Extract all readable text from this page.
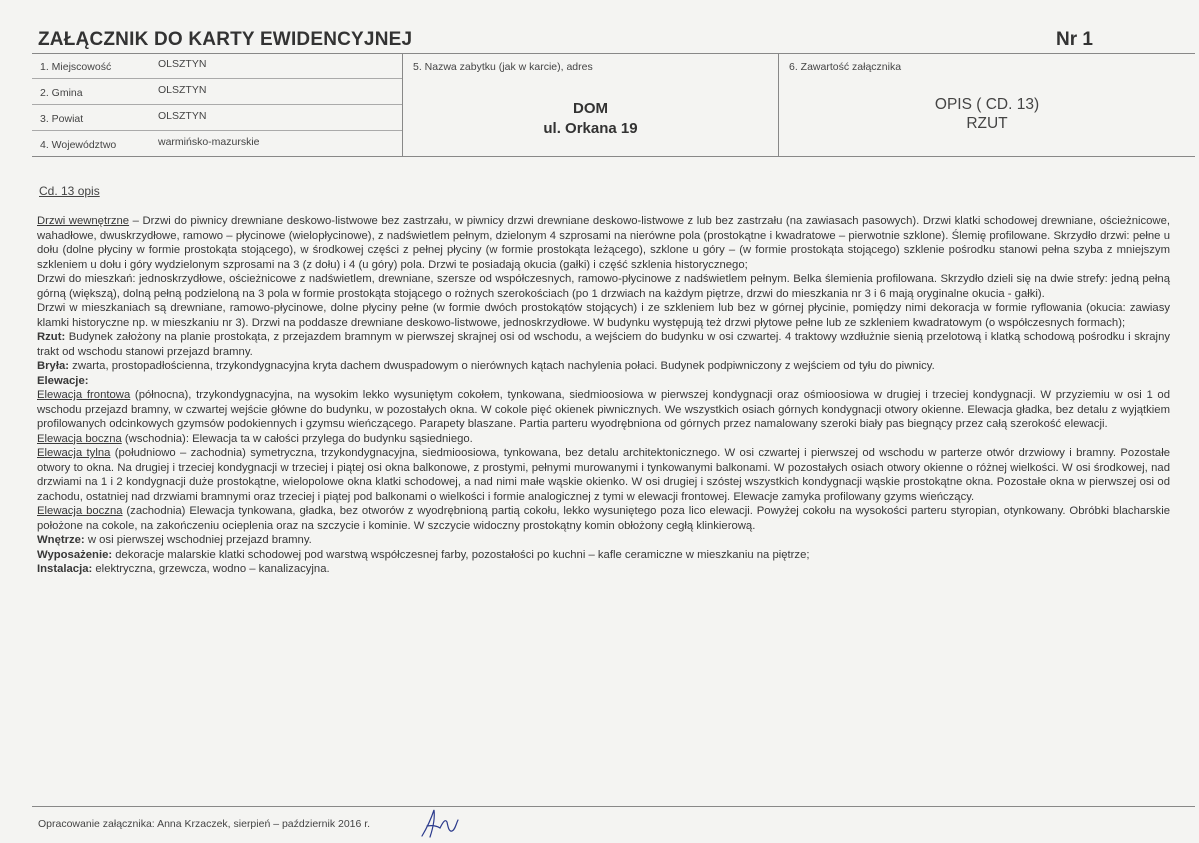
ZAŁĄCZNIK DO KARTY EWIDENCYJNEJ	Nr 1
1. Miejscowość	OLSZTYN
2. Gmina	OLSZTYN
3. Powiat	OLSZTYN
4. Województwo	warmińsko-mazurskie
5. Nazwa zabytku (jak w karcie), adres
DOM
ul. Orkana 19
6. Zawartość załącznika
OPIS ( CD. 13)
RZUT
Cd. 13 opis

Drzwi wewnętrzne – Drzwi do piwnicy drewniane deskowo-listwowe bez zastrzału, w piwnicy drzwi drewniane deskowo-listwowe z lub bez zastrzału (na zawiasach pasowych). Drzwi klatki schodowej drewniane, ościeżnicowe, wahadłowe, dwuskrzydłowe, ramowo – płycinowe (wielopłycinowe), z nadświetlem pełnym, dzielonym 4 szprosami na nierówne pola (prostokątne i kwadratowe – pierwotnie szklone). Ślemię profilowane. Skrzydło drzwi: pełne u dołu (dolne płyciny w formie prostokąta stojącego), w środkowej części z pełnej płyciny (w formie prostokąta leżącego), szklone u góry – (w formie prostokąta stojącego) szklenie pośrodku stanowi pełna szyba z mniejszym szkleniem u dołu i góry wydzielonym szprosami na 3 (z dołu) i 4 (u góry) pola. Drzwi te posiadają okucia (gałki) i część szklenia historycznego;

Drzwi do mieszkań: jednoskrzydłowe, ościeżnicowe z nadświetlem, drewniane, szersze od współczesnych, ramowo-płycinowe z nadświetlem pełnym. Belka ślemienia profilowana. Skrzydło dzieli się na dwie strefy: jedną pełną górną (większą), dolną pełną podzieloną na 3 pola w formie prostokąta stojącego o rożnych szerokościach (po 1 drzwiach na każdym piętrze, drzwi do mieszkania nr 3 i 6 mają oryginalne okucia - gałki).

Drzwi w mieszkaniach są drewniane, ramowo-płycinowe, dolne płyciny pełne (w formie dwóch prostokątów stojących) i ze szkleniem lub bez w górnej płycinie, pomiędzy nimi dekoracja w formie ryflowania (okucia: zawiasy klamki historyczne np. w mieszkaniu nr 3). Drzwi na poddasze drewniane deskowo-listwowe, jednoskrzydłowe. W budynku występują też drzwi płytowe pełne lub ze szkleniem kwadratowym (o współczesnych formach);

Rzut: Budynek założony na planie prostokąta, z przejazdem bramnym w pierwszej skrajnej osi od wschodu, a wejściem do budynku w osi czwartej. 4 traktowy wzdłużnie sienią przelotową i klatką schodową pośrodku i skrajny trakt od wschodu stanowi przejazd bramny.

Bryła: zwarta, prostopadłościenna, trzykondygnacyjna kryta dachem dwuspadowym o nierównych kątach nachylenia połaci. Budynek podpiwniczony z wejściem od tyłu do piwnicy.

Elewacje:

Elewacja frontowa (północna), trzykondygnacyjna, na wysokim lekko wysuniętym cokołem, tynkowana, siedmioosiowa w pierwszej kondygnacji oraz ośmioosiowa w drugiej i trzeciej kondygnacji. W przyziemiu w osi 1 od wschodu przejazd bramny, w czwartej wejście główne do budynku, w pozostałych okna. W cokole pięć okienek piwnicznych. We wszystkich osiach górnych kondygnacji otwory okienne. Elewacja gładka, bez detalu z wyjątkiem profilowanych odcinkowych gzymsów podokiennych i gzymsu wieńczącego. Parapety blaszane. Partia parteru wyodrębniona od górnych przez namalowany szeroki biały pas biegnący przez całą szerokość elewacji.

Elewacja boczna (wschodnia): Elewacja ta w całości przylega do budynku sąsiedniego.

Elewacja tylna (południowo – zachodnia) symetryczna, trzykondygnacyjna, siedmioosiowa, tynkowana, bez detalu architektonicznego. W osi czwartej i pierwszej od wschodu w parterze otwór drzwiowy i bramny. Pozostałe otwory to okna. Na drugiej i trzeciej kondygnacji w trzeciej i piątej osi okna balkonowe, z prostymi, pełnymi murowanymi i tynkowanymi balkonami. W pozostałych osiach otwory okienne o różnej wielkości. W osi środkowej, nad drzwiami na 1 i 2 kondygnacji duże prostokątne, wielopolowe okna klatki schodowej, a nad nimi małe wąskie okienko. W osi drugiej i szóstej wszystkich kondygnacji wąskie prostokątne okna. Pozostałe okna w pierwszej osi od zachodu, ostatniej nad drzwiami bramnymi oraz trzeciej i piątej pod balkonami o wielkości i formie analogicznej z tymi w elewacji frontowej. Elewacje zamyka profilowany gzyms wieńczący.

Elewacja boczna (zachodnia) Elewacja tynkowana, gładka, bez otworów z wyodrębnioną partią cokołu, lekko wysuniętego poza lico elewacji. Powyżej cokołu na wysokości parteru styropian, otynkowany. Obróbki blacharskie położone na cokole, na zakończeniu ocieplenia oraz na szczycie i kominie. W szczycie widoczny prostokątny komin obłożony cegłą klinkierową.

Wnętrze: w osi pierwszej wschodniej przejazd bramny.

Wyposażenie: dekoracje malarskie klatki schodowej pod warstwą współczesnej farby, pozostałości po kuchni – kafle ceramiczne w mieszkaniu na piętrze;

Instalacja: elektryczna, grzewcza, wodno – kanalizacyjna.

Opracowanie załącznika: Anna Krzaczek, sierpień – październik 2016 r.
